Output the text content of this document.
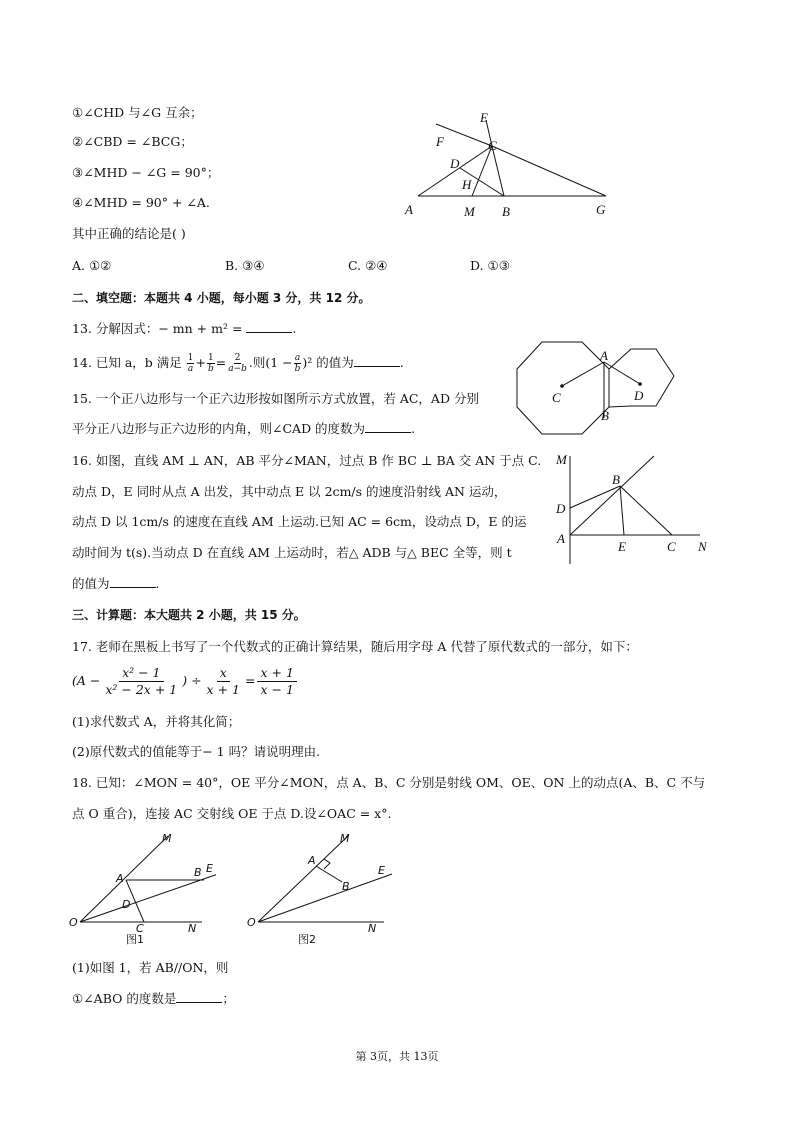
①∠CHD 与∠G 互余；
②∠CBD = ∠BCG；
③∠MHD − ∠G = 90°；
④∠MHD = 90° + ∠A.
其中正确的结论是( )
A. ①②	B. ③④	C. ②④	D. ①③
E
F	C
D
H
A	M B	G
二、填空题：本题共 4 小题，每小题 3 分，共 12 分。
13. 分解因式：− mn + m² =	.
14. 已知 a，b 满足 $\frac{1}{a} + \frac{1}{b} = \frac{2}{a-b}$ .则$(1 - \frac{a}{b} )^2$ 的值为	.	A
C	D
B
15. 一个正八边形与一个正六边形按如图所示方式放置，若 AC，AD 分别
平分正八边形与正六边形的内角，则∠CAD 的度数为	.
16. 如图，直线 AM ⊥ AN，AB 平分∠MAN，过点 B 作 BC ⊥ BA 交 AN 于点 C.
动点 D，E 同时从点 A 出发，其中动点 E 以 2cm/s 的速度沿射线 AN 运动，
动点 D 以 1cm/s 的速度在直线 AM 上运动.已知 AC = 6cm，设动点 D，E 的运
动时间为 t(s).当动点 D 在直线 AM 上运动时，若△ ADB 与△ BEC 全等，则 t
的值为	.
M
B
D
A
E	C N
三、计算题：本大题共 2 小题，共 15 分。
17. 老师在黑板上书写了一个代数式的正确计算结果，随后用字母 A 代替了原代数式的一部分，如下：
($A - \frac{\text{x² − 1}}{\text{x² − 2x + 1}}$ ) ÷ $\frac{x}{x + 1} = \frac{x + 1}{x - 1}$
(1)求代数式 A，并将其化简；
(2)原代数式的值能等于− 1 吗？请说明理由.
18. 已知：∠MON = 40°，OE 平分∠MON，点 A、B、C 分别是射线 OM、OE、ON 上的动点(A、B、C 不与
点 O 重合)，连接 AC 交射线 OE 于点 D.设∠OAC = x°.
M
A	B E
D
O	C	N
图1
M
A
B
E
O	N
图2
(1)如图 1，若 AB//ON，则
①∠ABO 的度数是	；
第 3页，共 13页
